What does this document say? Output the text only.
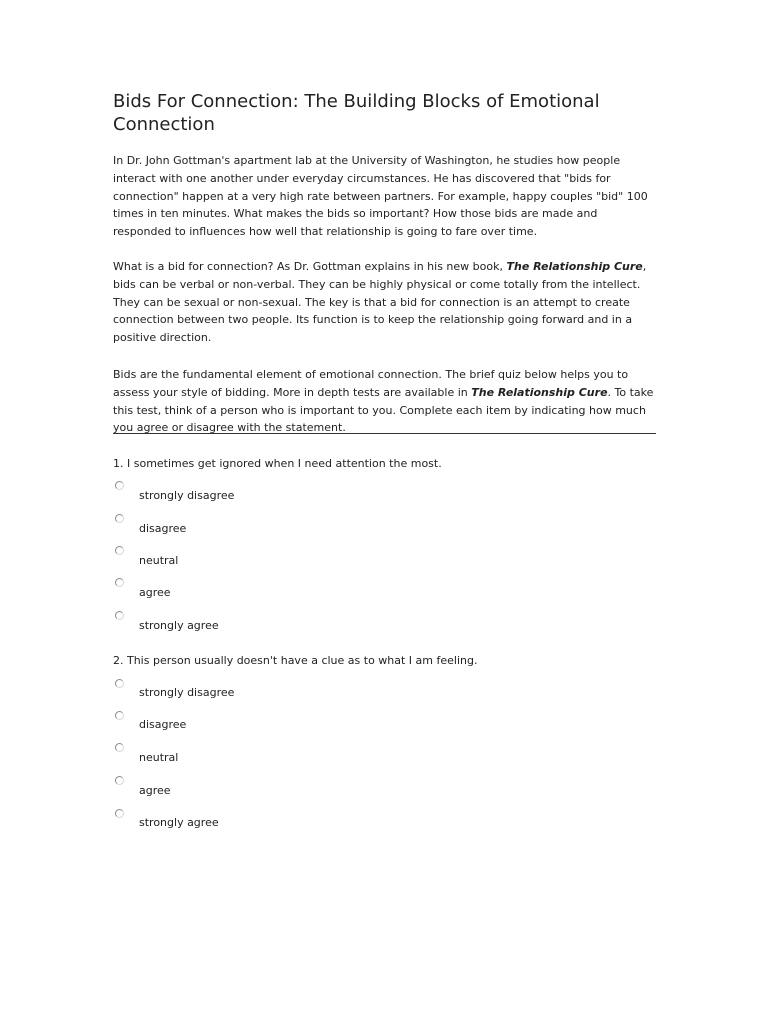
Bids For Connection: The Building Blocks of Emotional Connection

In Dr. John Gottman's apartment lab at the University of Washington, he studies how people interact with one another under everyday circumstances. He has discovered that "bids for connection" happen at a very high rate between partners. For example, happy couples "bid" 100 times in ten minutes. What makes the bids so important? How those bids are made and responded to influences how well that relationship is going to fare over time.

What is a bid for connection? As Dr. Gottman explains in his new book, The Relationship Cure, bids can be verbal or non-verbal. They can be highly physical or come totally from the intellect. They can be sexual or non-sexual. The key is that a bid for connection is an attempt to create connection between two people. Its function is to keep the relationship going forward and in a positive direction.

Bids are the fundamental element of emotional connection. The brief quiz below helps you to assess your style of bidding. More in depth tests are available in The Relationship Cure. To take this test, think of a person who is important to you. Complete each item by indicating how much you agree or disagree with the statement.

1. I sometimes get ignored when I need attention the most.

strongly disagree
disagree
neutral
agree
strongly agree

2. This person usually doesn't have a clue as to what I am feeling.

strongly disagree
disagree
neutral
agree
strongly agree
